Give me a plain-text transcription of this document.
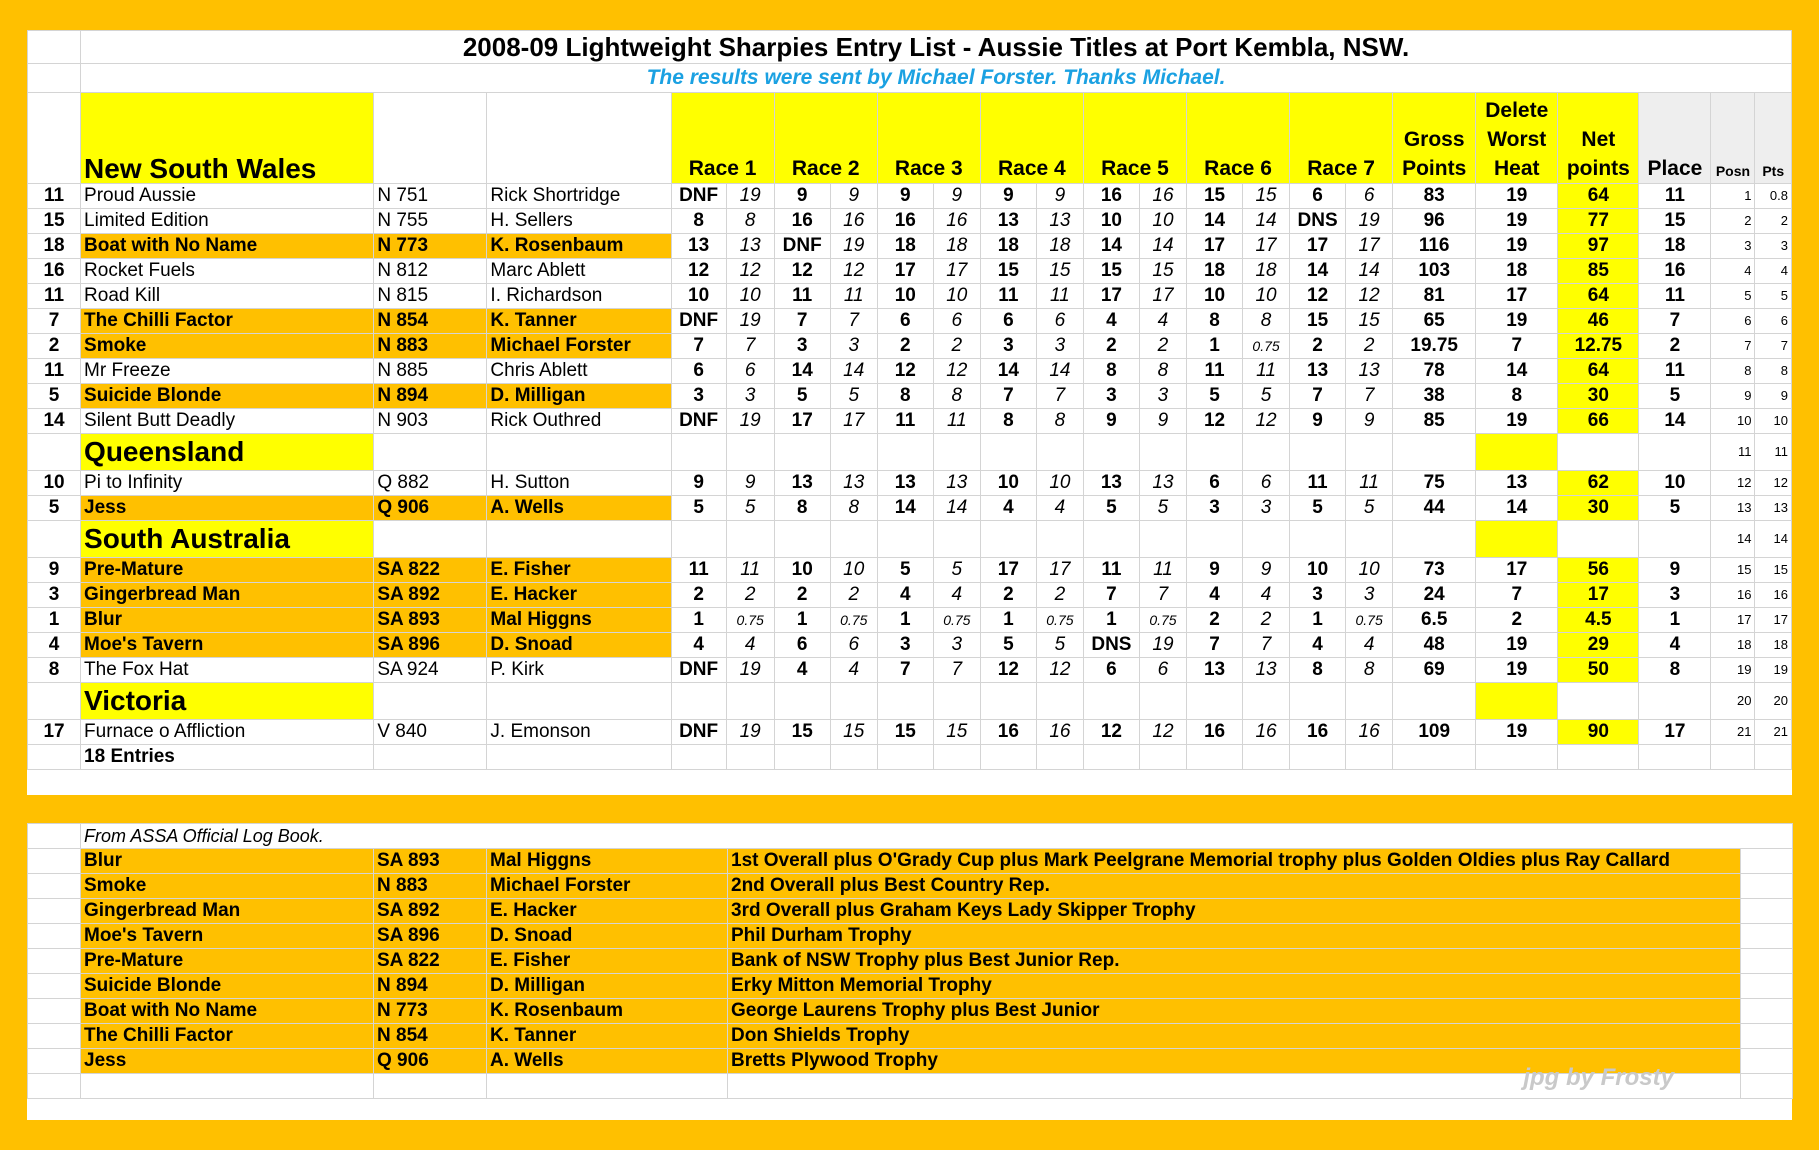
	2008-09 Lightweight Sharpies Entry List - Aussie Titles at Port Kembla, NSW.																						
	The results were sent by Michael Forster. Thanks Michael.																						
	New South Wales			Race 1		Race 2		Race 3		Race 4		Race 5		Race 6		Race 7		Gross Points	Delete Worst Heat	Net points	Place	Posn	Pts
11	Proud Aussie	N 751	Rick Shortridge	DNF	19	9	9	9	9	9	9	16	16	15	15	6	6	83	19	64	11	1	0.8
15	Limited Edition	N 755	H. Sellers	8	8	16	16	16	16	13	13	10	10	14	14	DNS	19	96	19	77	15	2	2
18	Boat with No Name	N 773	K. Rosenbaum	13	13	DNF	19	18	18	18	18	14	14	17	17	17	17	116	19	97	18	3	3
16	Rocket Fuels	N 812	Marc Ablett	12	12	12	12	17	17	15	15	15	15	18	18	14	14	103	18	85	16	4	4
11	Road Kill	N 815	I. Richardson	10	10	11	11	10	10	11	11	17	17	10	10	12	12	81	17	64	11	5	5
7	The Chilli Factor	N 854	K. Tanner	DNF	19	7	7	6	6	6	6	4	4	8	8	15	15	65	19	46	7	6	6
2	Smoke	N 883	Michael Forster	7	7	3	3	2	2	3	3	2	2	1	0.75	2	2	19.75	7	12.75	2	7	7
11	Mr Freeze	N 885	Chris Ablett	6	6	14	14	12	12	14	14	8	8	11	11	13	13	78	14	64	11	8	8
5	Suicide Blonde	N 894	D. Milligan	3	3	5	5	8	8	7	7	3	3	5	5	7	7	38	8	30	5	9	9
14	Silent Butt Deadly	N 903	Rick Outhred	DNF	19	17	17	11	11	8	8	9	9	12	12	9	9	85	19	66	14	10	10
	Queensland																					11	11
10	Pi to Infinity	Q 882	H. Sutton	9	9	13	13	13	13	10	10	13	13	6	6	11	11	75	13	62	10	12	12
5	Jess	Q 906	A. Wells	5	5	8	8	14	14	4	4	5	5	3	3	5	5	44	14	30	5	13	13
	South Australia																					14	14
9	Pre-Mature	SA 822	E. Fisher	11	11	10	10	5	5	17	17	11	11	9	9	10	10	73	17	56	9	15	15
3	Gingerbread Man	SA 892	E. Hacker	2	2	2	2	4	4	2	2	7	7	4	4	3	3	24	7	17	3	16	16
1	Blur	SA 893	Mal Higgns	1	0.75	1	0.75	1	0.75	1	0.75	1	0.75	2	2	1	0.75	6.5	2	4.5	1	17	17
4	Moe's Tavern	SA 896	D. Snoad	4	4	6	6	3	3	5	5	DNS	19	7	7	4	4	48	19	29	4	18	18
8	The Fox Hat	SA 924	P. Kirk	DNF	19	4	4	7	7	12	12	6	6	13	13	8	8	69	19	50	8	19	19
	Victoria																					20	20
17	Furnace o Affliction	V 840	J. Emonson	DNF	19	15	15	15	15	16	16	12	12	16	16	16	16	109	19	90	17	21	21
	18 Entries																						
	From ASSA Official Log Book.				
	Blur	SA 893	Mal Higgns	1st Overall plus O'Grady Cup plus Mark Peelgrane Memorial trophy plus Golden Oldies plus Ray Callard	
	Smoke	N 883	Michael Forster	2nd Overall plus Best Country Rep.	
	Gingerbread Man	SA 892	E. Hacker	3rd Overall plus Graham Keys Lady Skipper Trophy	
	Moe's Tavern	SA 896	D. Snoad	Phil Durham Trophy	
	Pre-Mature	SA 822	E. Fisher	Bank of NSW Trophy plus Best Junior Rep.	
	Suicide Blonde	N 894	D. Milligan	Erky Mitton Memorial Trophy	
	Boat with No Name	N 773	K. Rosenbaum	George Laurens Trophy plus Best Junior	
	The Chilli Factor	N 854	K. Tanner	Don Shields Trophy	
	Jess	Q 906	A. Wells	Bretts Plywood Trophy	

jpg by Frosty
